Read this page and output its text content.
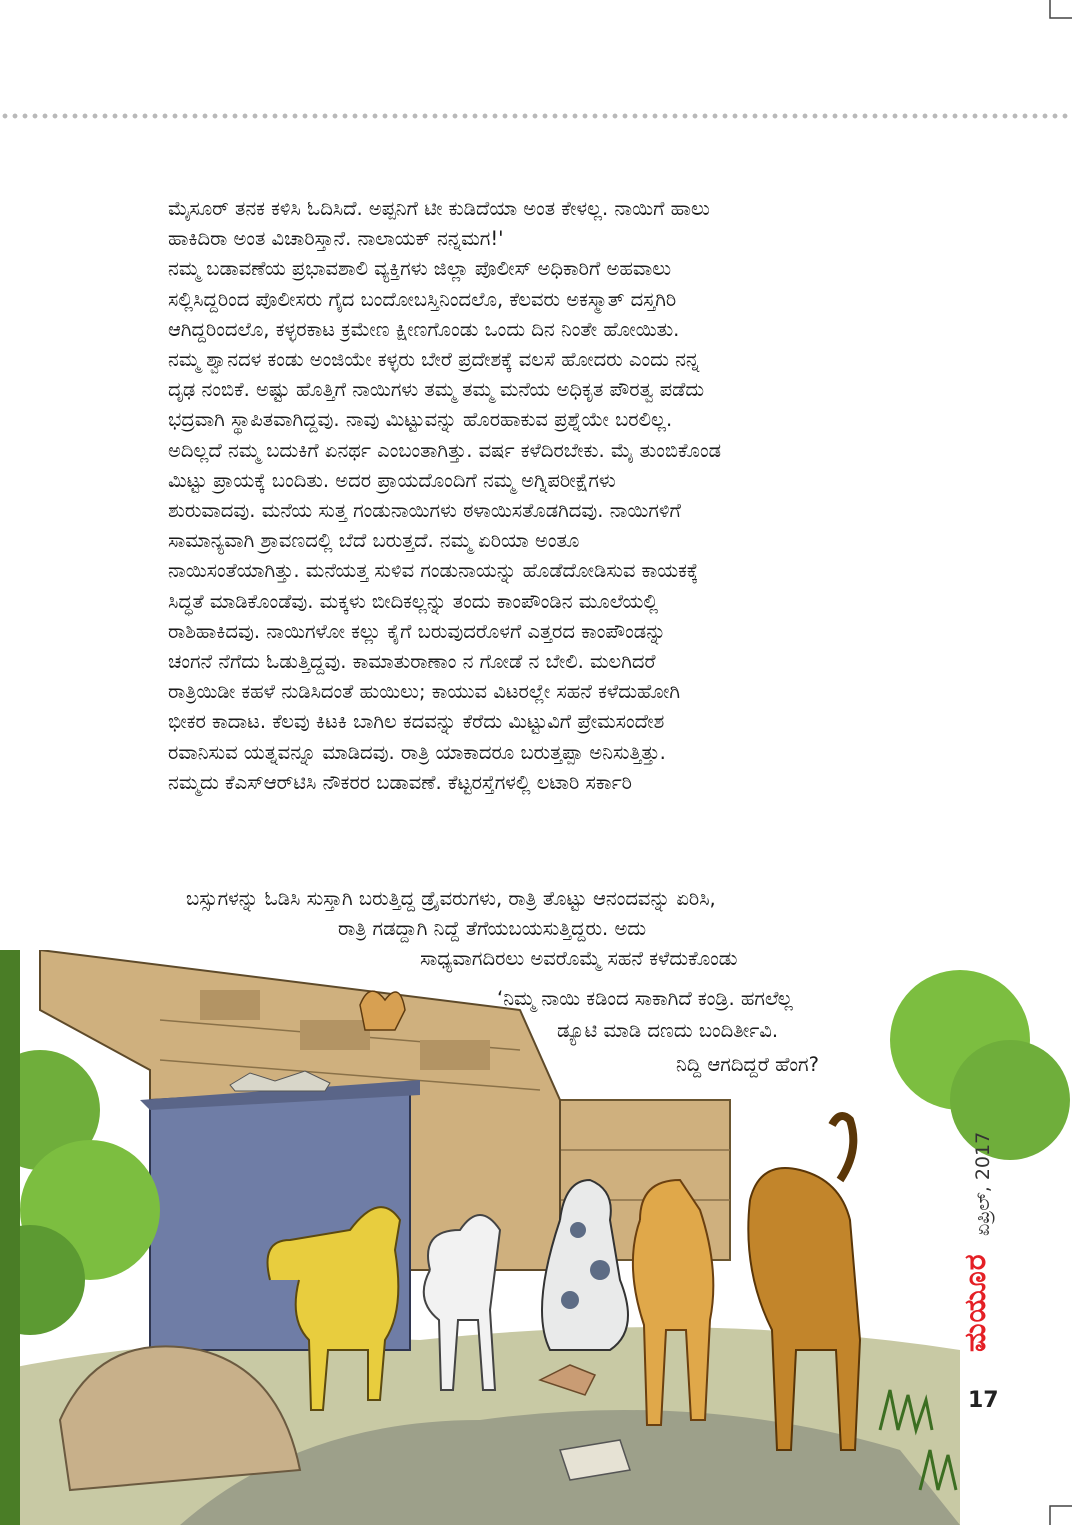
ಮೈಸೂರ್ ತನಕ ಕಳಿಸಿ ಓದಿಸಿದೆ. ಅಪ್ಪನಿಗೆ ಟೀ ಕುಡಿದೆಯಾ ಅಂತ ಕೇಳಲ್ಲ. ನಾಯಿಗೆ ಹಾಲು
ಹಾಕಿದಿರಾ ಅಂತ ವಿಚಾರಿಸ್ತಾನೆ. ನಾಲಾಯಕ್ ನನ್ನಮಗ!'
ನಮ್ಮ ಬಡಾವಣೆಯ ಪ್ರಭಾವಶಾಲಿ ವ್ಯಕ್ತಿಗಳು ಜಿಲ್ಲಾ ಪೊಲೀಸ್ ಅಧಿಕಾರಿಗೆ ಅಹವಾಲು
ಸಲ್ಲಿಸಿದ್ದರಿಂದ ಪೊಲೀಸರು ಗೈದ ಬಂದೋಬಸ್ತಿನಿಂದಲೊ, ಕೆಲವರು ಅಕಸ್ಮಾತ್ ದಸ್ತಗಿರಿ
ಆಗಿದ್ದರಿಂದಲೊ, ಕಳ್ಳರಕಾಟ ಕ್ರಮೇಣ ಕ್ಷೀಣಗೊಂಡು ಒಂದು ದಿನ ನಿಂತೇ ಹೋಯಿತು.
ನಮ್ಮ ಶ್ವಾನದಳ ಕಂಡು ಅಂಜಿಯೇ ಕಳ್ಳರು ಬೇರೆ ಪ್ರದೇಶಕ್ಕೆ ವಲಸೆ ಹೋದರು ಎಂದು ನನ್ನ
ದೃಢ ನಂಬಿಕೆ. ಅಷ್ಟು ಹೊತ್ತಿಗೆ ನಾಯಿಗಳು ತಮ್ಮ ತಮ್ಮ ಮನೆಯ ಅಧಿಕೃತ ಪೌರತ್ವ ಪಡೆದು
ಭದ್ರವಾಗಿ ಸ್ಥಾಪಿತವಾಗಿದ್ದವು. ನಾವು ಮಿಟ್ಟುವನ್ನು ಹೊರಹಾಕುವ ಪ್ರಶ್ನೆಯೇ ಬರಲಿಲ್ಲ.
ಅದಿಲ್ಲದೆ ನಮ್ಮ ಬದುಕಿಗೆ ಏನರ್ಥ ಎಂಬಂತಾಗಿತ್ತು. ವರ್ಷ ಕಳೆದಿರಬೇಕು. ಮೈ ತುಂಬಿಕೊಂಡ
ಮಿಟ್ಟು ಪ್ರಾಯಕ್ಕೆ ಬಂದಿತು. ಅದರ ಪ್ರಾಯದೊಂದಿಗೆ ನಮ್ಮ ಅಗ್ನಿಪರೀಕ್ಷೆಗಳು
ಶುರುವಾದವು. ಮನೆಯ ಸುತ್ತ ಗಂಡುನಾಯಿಗಳು ಠಳಾಯಿಸತೊಡಗಿದವು. ನಾಯಿಗಳಿಗೆ
ಸಾಮಾನ್ಯವಾಗಿ ಶ್ರಾವಣದಲ್ಲಿ ಬೆದೆ ಬರುತ್ತದೆ. ನಮ್ಮ ಏರಿಯಾ ಅಂತೂ
ನಾಯಿಸಂತೆಯಾಗಿತ್ತು. ಮನೆಯತ್ತ ಸುಳಿವ ಗಂಡುನಾಯನ್ನು ಹೊಡೆದೋಡಿಸುವ ಕಾಯಕಕ್ಕೆ
ಸಿದ್ಧತೆ ಮಾಡಿಕೊಂಡೆವು. ಮಕ್ಕಳು ಬೀದಿಕಲ್ಲನ್ನು ತಂದು ಕಾಂಪೌಂಡಿನ ಮೂಲೆಯಲ್ಲಿ
ರಾಶಿಹಾಕಿದವು. ನಾಯಿಗಳೋ ಕಲ್ಲು ಕೈಗೆ ಬರುವುದರೊಳಗೆ ಎತ್ತರದ ಕಾಂಪೌಂಡನ್ನು
ಚಂಗನೆ ನೆಗೆದು ಓಡುತ್ತಿದ್ದವು. ಕಾಮಾತುರಾಣಾಂ ನ ಗೋಡೆ ನ ಬೇಲಿ. ಮಲಗಿದರೆ
ರಾತ್ರಿಯಿಡೀ ಕಹಳೆ ನುಡಿಸಿದಂತೆ ಹುಯಿಲು; ಕಾಯುವ ವಿಟರಲ್ಲೇ ಸಹನೆ ಕಳೆದುಹೋಗಿ
ಭೀಕರ ಕಾದಾಟ. ಕೆಲವು ಕಿಟಕಿ ಬಾಗಿಲ ಕದವನ್ನು ಕೆರೆದು ಮಿಟ್ಟುವಿಗೆ ಪ್ರೇಮಸಂದೇಶ
ರವಾನಿಸುವ ಯತ್ನವನ್ನೂ ಮಾಡಿದವು. ರಾತ್ರಿ ಯಾಕಾದರೂ ಬರುತ್ತಪ್ಪಾ ಅನಿಸುತ್ತಿತ್ತು.
ನಮ್ಮದು ಕೆಎಸ್‌ಆರ್‌ಟಿಸಿ ನೌಕರರ ಬಡಾವಣೆ. ಕೆಟ್ಟರಸ್ತೆಗಳಲ್ಲಿ ಲಟಾರಿ ಸರ್ಕಾರಿ
ಬಸ್ಸುಗಳನ್ನು ಓಡಿಸಿ ಸುಸ್ತಾಗಿ ಬರುತ್ತಿದ್ದ ಡ್ರೈವರುಗಳು, ರಾತ್ರಿ ತೊಟ್ಟು ಆನಂದವನ್ನು ಏರಿಸಿ,
ರಾತ್ರಿ ಗಡದ್ದಾಗಿ ನಿದ್ದೆ ತೆಗೆಯಬಯಸುತ್ತಿದ್ದರು. ಅದು
ಸಾಧ್ಯವಾಗದಿರಲು ಅವರೊಮ್ಮೆ ಸಹನೆ ಕಳೆದುಕೊಂಡು
‘ನಿಮ್ಮ ನಾಯಿ ಕಡಿಂದ ಸಾಕಾಗಿದೆ ಕಂಡ್ರಿ. ಹಗಲೆಲ್ಲ
ಡ್ಯೂಟಿ ಮಾಡಿ ದಣದು ಬಂದಿರ್ತೀವಿ.
ನಿದ್ದಿ ಆಗದಿದ್ದರೆ ಹೆಂಗ?
ಏಪ್ರಿಲ್, 2017
ಮಯೂರ
17
